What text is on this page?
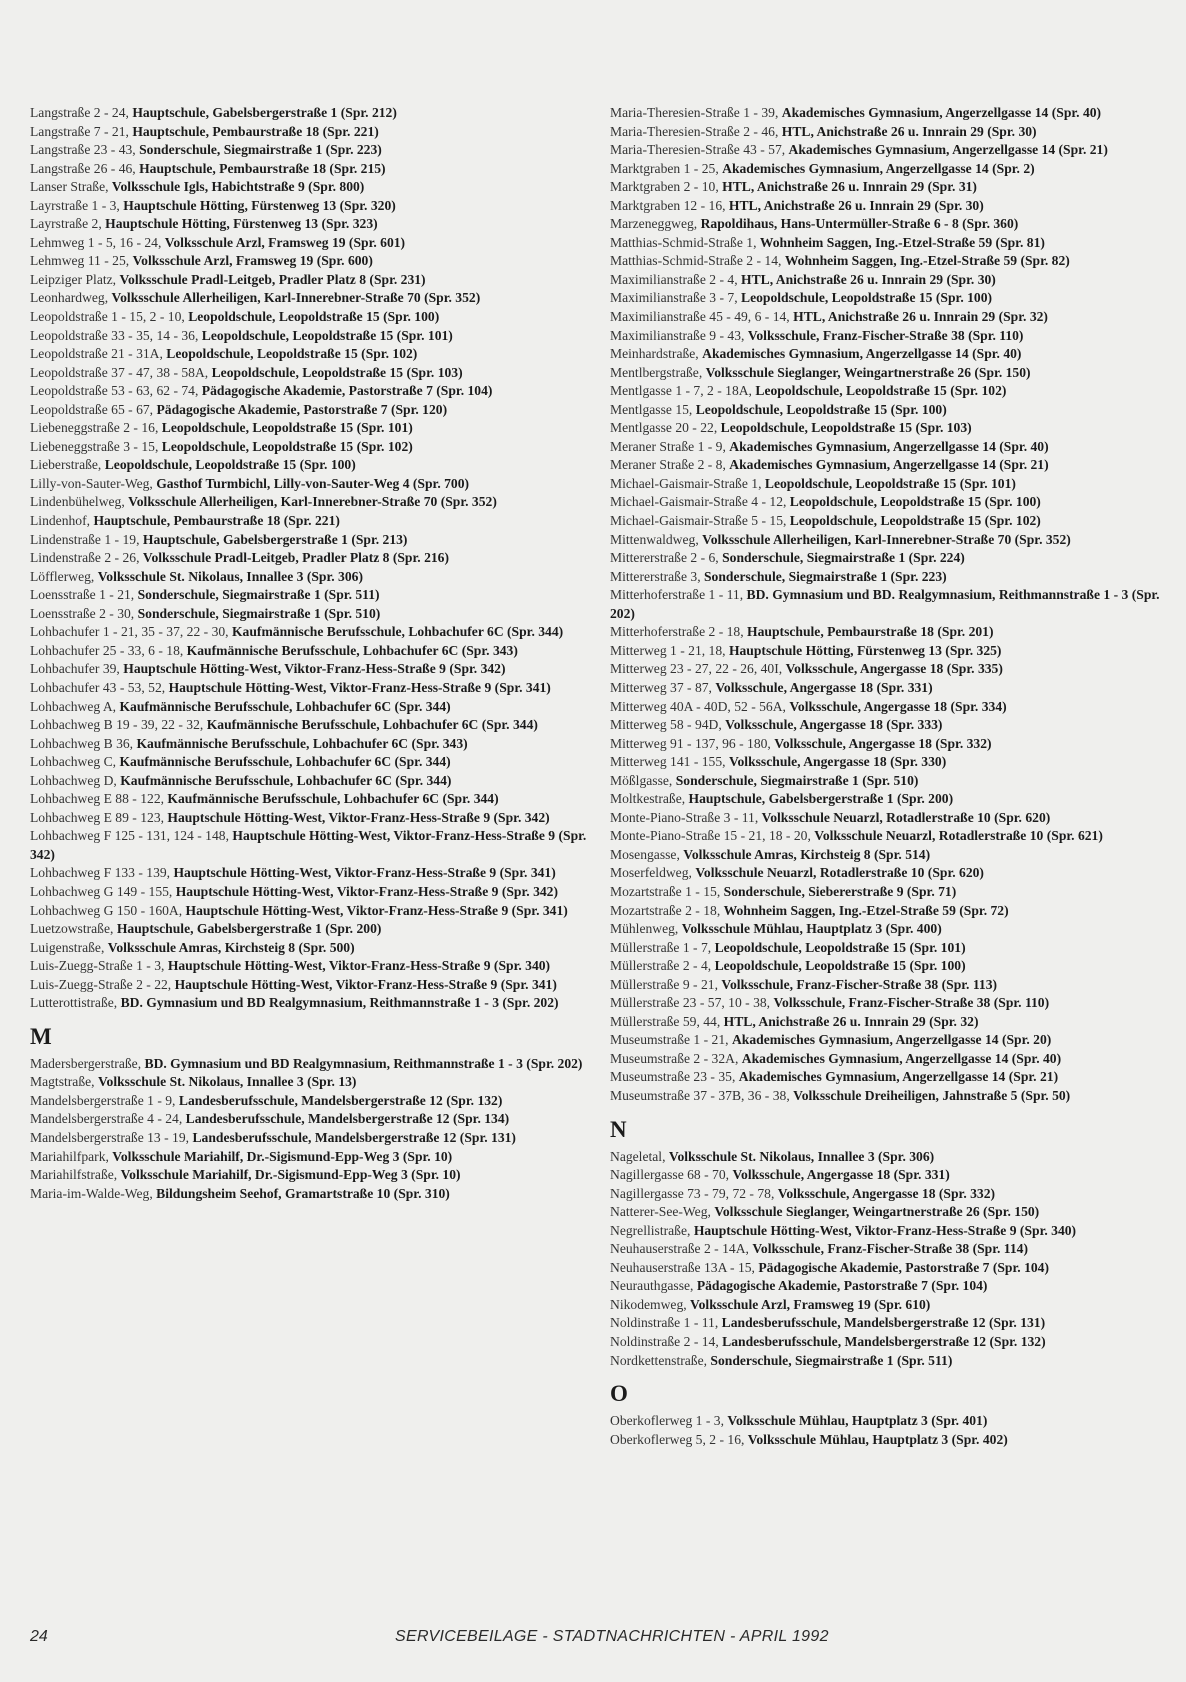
Langstraße 2 - 24, Hauptschule, Gabelsbergerstraße 1 (Spr. 212)
Langstraße 7 - 21, Hauptschule, Pembaurstraße 18 (Spr. 221)
Langstraße 23 - 43, Sonderschule, Siegmairstraße 1 (Spr. 223)
Langstraße 26 - 46, Hauptschule, Pembaurstraße 18 (Spr. 215)
Lanser Straße, Volksschule Igls, Habichtstraße 9 (Spr. 800)
Layrstraße 1 - 3, Hauptschule Hötting, Fürstenweg 13 (Spr. 320)
Layrstraße 2, Hauptschule Hötting, Fürstenweg 13 (Spr. 323)
Lehmweg 1 - 5, 16 - 24, Volksschule Arzl, Framsweg 19 (Spr. 601)
Lehmweg 11 - 25, Volksschule Arzl, Framsweg 19 (Spr. 600)
Leipziger Platz, Volksschule Pradl-Leitgeb, Pradler Platz 8 (Spr. 231)
Leonhardweg, Volksschule Allerheiligen, Karl-Innerebner-Straße 70 (Spr. 352)
Leopoldstraße 1 - 15, 2 - 10, Leopoldschule, Leopoldstraße 15 (Spr. 100)
Leopoldstraße 33 - 35, 14 - 36, Leopoldschule, Leopoldstraße 15 (Spr. 101)
Leopoldstraße 21 - 31A, Leopoldschule, Leopoldstraße 15 (Spr. 102)
Leopoldstraße 37 - 47, 38 - 58A, Leopoldschule, Leopoldstraße 15 (Spr. 103)
Leopoldstraße 53 - 63, 62 - 74, Pädagogische Akademie, Pastorstraße 7 (Spr. 104)
Leopoldstraße 65 - 67, Pädagogische Akademie, Pastorstraße 7 (Spr. 120)
Liebeneggstraße 2 - 16, Leopoldschule, Leopoldstraße 15 (Spr. 101)
Liebeneggstraße 3 - 15, Leopoldschule, Leopoldstraße 15 (Spr. 102)
Lieberstraße, Leopoldschule, Leopoldstraße 15 (Spr. 100)
Lilly-von-Sauter-Weg, Gasthof Turmbichl, Lilly-von-Sauter-Weg 4 (Spr. 700)
Lindenbühelweg, Volksschule Allerheiligen, Karl-Innerebner-Straße 70 (Spr. 352)
Lindenhof, Hauptschule, Pembaurstraße 18 (Spr. 221)
Lindenstraße 1 - 19, Hauptschule, Gabelsbergerstraße 1 (Spr. 213)
Lindenstraße 2 - 26, Volksschule Pradl-Leitgeb, Pradler Platz 8 (Spr. 216)
Löfflerweg, Volksschule St. Nikolaus, Innallee 3 (Spr. 306)
Loensstraße 1 - 21, Sonderschule, Siegmairstraße 1 (Spr. 511)
Loensstraße 2 - 30, Sonderschule, Siegmairstraße 1 (Spr. 510)
Lohbachufer 1 - 21, 35 - 37, 22 - 30, Kaufmännische Berufsschule, Lohbachufer 6C (Spr. 344)
Lohbachufer 25 - 33, 6 - 18, Kaufmännische Berufsschule, Lohbachufer 6C (Spr. 343)
Lohbachufer 39, Hauptschule Hötting-West, Viktor-Franz-Hess-Straße 9 (Spr. 342)
Lohbachufer 43 - 53, 52, Hauptschule Hötting-West, Viktor-Franz-Hess-Straße 9 (Spr. 341)
Lohbachweg A, Kaufmännische Berufsschule, Lohbachufer 6C (Spr. 344)
Lohbachweg B 19 - 39, 22 - 32, Kaufmännische Berufsschule, Lohbachufer 6C (Spr. 344)
Lohbachweg B 36, Kaufmännische Berufsschule, Lohbachufer 6C (Spr. 343)
Lohbachweg C, Kaufmännische Berufsschule, Lohbachufer 6C (Spr. 344)
Lohbachweg D, Kaufmännische Berufsschule, Lohbachufer 6C (Spr. 344)
Lohbachweg E 88 - 122, Kaufmännische Berufsschule, Lohbachufer 6C (Spr. 344)
Lohbachweg E 89 - 123, Hauptschule Hötting-West, Viktor-Franz-Hess-Straße 9 (Spr. 342)
Lohbachweg F 125 - 131, 124 - 148, Hauptschule Hötting-West, Viktor-Franz-Hess-Straße 9 (Spr. 342)
Lohbachweg F 133 - 139, Hauptschule Hötting-West, Viktor-Franz-Hess-Straße 9 (Spr. 341)
Lohbachweg G 149 - 155, Hauptschule Hötting-West, Viktor-Franz-Hess-Straße 9 (Spr. 342)
Lohbachweg G 150 - 160A, Hauptschule Hötting-West, Viktor-Franz-Hess-Straße 9 (Spr. 341)
Luetzowstraße, Hauptschule, Gabelsbergerstraße 1 (Spr. 200)
Luigenstraße, Volksschule Amras, Kirchsteig 8 (Spr. 500)
Luis-Zuegg-Straße 1 - 3, Hauptschule Hötting-West, Viktor-Franz-Hess-Straße 9 (Spr. 340)
Luis-Zuegg-Straße 2 - 22, Hauptschule Hötting-West, Viktor-Franz-Hess-Straße 9 (Spr. 341)
Lutterottistraße, BD. Gymnasium und BD Realgymnasium, Reithmannstraße 1 - 3 (Spr. 202)
M
Madersbergerstraße, BD. Gymnasium und BD Realgymnasium, Reithmannstraße 1 - 3 (Spr. 202)
Magtstraße, Volksschule St. Nikolaus, Innallee 3 (Spr. 13)
Mandelsbergerstraße 1 - 9, Landesberufsschule, Mandelsbergerstraße 12 (Spr. 132)
Mandelsbergerstraße 4 - 24, Landesberufsschule, Mandelsbergerstraße 12 (Spr. 134)
Mandelsbergerstraße 13 - 19, Landesberufsschule, Mandelsbergerstraße 12 (Spr. 131)
Mariahilfpark, Volksschule Mariahilf, Dr.-Sigismund-Epp-Weg 3 (Spr. 10)
Mariahilfstraße, Volksschule Mariahilf, Dr.-Sigismund-Epp-Weg 3 (Spr. 10)
Maria-im-Walde-Weg, Bildungsheim Seehof, Gramartstraße 10 (Spr. 310)
Maria-Theresien-Straße 1 - 39, Akademisches Gymnasium, Angerzellgasse 14 (Spr. 40)
Maria-Theresien-Straße 2 - 46, HTL, Anichstraße 26 u. Innrain 29 (Spr. 30)
Maria-Theresien-Straße 43 - 57, Akademisches Gymnasium, Angerzellgasse 14 (Spr. 21)
Marktgraben 1 - 25, Akademisches Gymnasium, Angerzellgasse 14 (Spr. 2)
Marktgraben 2 - 10, HTL, Anichstraße 26 u. Innrain 29 (Spr. 31)
Marktgraben 12 - 16, HTL, Anichstraße 26 u. Innrain 29 (Spr. 30)
Marzeneggweg, Rapoldihaus, Hans-Untermüller-Straße 6 - 8 (Spr. 360)
Matthias-Schmid-Straße 1, Wohnheim Saggen, Ing.-Etzel-Straße 59 (Spr. 81)
Matthias-Schmid-Straße 2 - 14, Wohnheim Saggen, Ing.-Etzel-Straße 59 (Spr. 82)
Maximilianstraße 2 - 4, HTL, Anichstraße 26 u. Innrain 29 (Spr. 30)
Maximilianstraße 3 - 7, Leopoldschule, Leopoldstraße 15 (Spr. 100)
Maximilianstraße 45 - 49, 6 - 14, HTL, Anichstraße 26 u. Innrain 29 (Spr. 32)
Maximilianstraße 9 - 43, Volksschule, Franz-Fischer-Straße 38 (Spr. 110)
Meinhardstraße, Akademisches Gymnasium, Angerzellgasse 14 (Spr. 40)
Mentlbergstraße, Volksschule Sieglanger, Weingartnerstraße 26 (Spr. 150)
Mentlgasse 1 - 7, 2 - 18A, Leopoldschule, Leopoldstraße 15 (Spr. 102)
Mentlgasse 15, Leopoldschule, Leopoldstraße 15 (Spr. 100)
Mentlgasse 20 - 22, Leopoldschule, Leopoldstraße 15 (Spr. 103)
Meraner Straße 1 - 9, Akademisches Gymnasium, Angerzellgasse 14 (Spr. 40)
Meraner Straße 2 - 8, Akademisches Gymnasium, Angerzellgasse 14 (Spr. 21)
Michael-Gaismair-Straße 1, Leopoldschule, Leopoldstraße 15 (Spr. 101)
Michael-Gaismair-Straße 4 - 12, Leopoldschule, Leopoldstraße 15 (Spr. 100)
Michael-Gaismair-Straße 5 - 15, Leopoldschule, Leopoldstraße 15 (Spr. 102)
Mittenwaldweg, Volksschule Allerheiligen, Karl-Innerebner-Straße 70 (Spr. 352)
Mittererstraße 2 - 6, Sonderschule, Siegmairstraße 1 (Spr. 224)
Mittererstraße 3, Sonderschule, Siegmairstraße 1 (Spr. 223)
Mitterhoferstraße 1 - 11, BD. Gymnasium und BD. Realgymnasium, Reithmannstraße 1 - 3 (Spr. 202)
Mitterhoferstraße 2 - 18, Hauptschule, Pembaurstraße 18 (Spr. 201)
Mitterweg 1 - 21, 18, Hauptschule Hötting, Fürstenweg 13 (Spr. 325)
Mitterweg 23 - 27, 22 - 26, 40I, Volksschule, Angergasse 18 (Spr. 335)
Mitterweg 37 - 87, Volksschule, Angergasse 18 (Spr. 331)
Mitterweg 40A - 40D, 52 - 56A, Volksschule, Angergasse 18 (Spr. 334)
Mitterweg 58 - 94D, Volksschule, Angergasse 18 (Spr. 333)
Mitterweg 91 - 137, 96 - 180, Volksschule, Angergasse 18 (Spr. 332)
Mitterweg 141 - 155, Volksschule, Angergasse 18 (Spr. 330)
Mößlgasse, Sonderschule, Siegmairstraße 1 (Spr. 510)
Moltkestraße, Hauptschule, Gabelsbergerstraße 1 (Spr. 200)
Monte-Piano-Straße 3 - 11, Volksschule Neuarzl, Rotadlerstraße 10 (Spr. 620)
Monte-Piano-Straße 15 - 21, 18 - 20, Volksschule Neuarzl, Rotadlerstraße 10 (Spr. 621)
Mosengasse, Volksschule Amras, Kirchsteig 8 (Spr. 514)
Moserfeldweg, Volksschule Neuarzl, Rotadlerstraße 10 (Spr. 620)
Mozartstraße 1 - 15, Sonderschule, Siebererstraße 9 (Spr. 71)
Mozartstraße 2 - 18, Wohnheim Saggen, Ing.-Etzel-Straße 59 (Spr. 72)
Mühlenweg, Volksschule Mühlau, Hauptplatz 3 (Spr. 400)
Müllerstraße 1 - 7, Leopoldschule, Leopoldstraße 15 (Spr. 101)
Müllerstraße 2 - 4, Leopoldschule, Leopoldstraße 15 (Spr. 100)
Müllerstraße 9 - 21, Volksschule, Franz-Fischer-Straße 38 (Spr. 113)
Müllerstraße 23 - 57, 10 - 38, Volksschule, Franz-Fischer-Straße 38 (Spr. 110)
Müllerstraße 59, 44, HTL, Anichstraße 26 u. Innrain 29 (Spr. 32)
Museumstraße 1 - 21, Akademisches Gymnasium, Angerzellgasse 14 (Spr. 20)
Museumstraße 2 - 32A, Akademisches Gymnasium, Angerzellgasse 14 (Spr. 40)
Museumstraße 23 - 35, Akademisches Gymnasium, Angerzellgasse 14 (Spr. 21)
Museumstraße 37 - 37B, 36 - 38, Volksschule Dreiheiligen, Jahnstraße 5 (Spr. 50)
N
Nageletal, Volksschule St. Nikolaus, Innallee 3 (Spr. 306)
Nagillergasse 68 - 70, Volksschule, Angergasse 18 (Spr. 331)
Nagillergasse 73 - 79, 72 - 78, Volksschule, Angergasse 18 (Spr. 332)
Natterer-See-Weg, Volksschule Sieglanger, Weingartnerstraße 26 (Spr. 150)
Negrellistraße, Hauptschule Hötting-West, Viktor-Franz-Hess-Straße 9 (Spr. 340)
Neuhauserstraße 2 - 14A, Volksschule, Franz-Fischer-Straße 38 (Spr. 114)
Neuhauserstraße 13A - 15, Pädagogische Akademie, Pastorstraße 7 (Spr. 104)
Neurauthgasse, Pädagogische Akademie, Pastorstraße 7 (Spr. 104)
Nikodemweg, Volksschule Arzl, Framsweg 19 (Spr. 610)
Noldinstraße 1 - 11, Landesberufsschule, Mandelsbergerstraße 12 (Spr. 131)
Noldinstraße 2 - 14, Landesberufsschule, Mandelsbergerstraße 12 (Spr. 132)
Nordkettenstraße, Sonderschule, Siegmairstraße 1 (Spr. 511)
O
Oberkoflerweg 1 - 3, Volksschule Mühlau, Hauptplatz 3 (Spr. 401)
Oberkoflerweg 5, 2 - 16, Volksschule Mühlau, Hauptplatz 3 (Spr. 402)
24	SERVICEBEILAGE - STADTNACHRICHTEN - APRIL 1992
